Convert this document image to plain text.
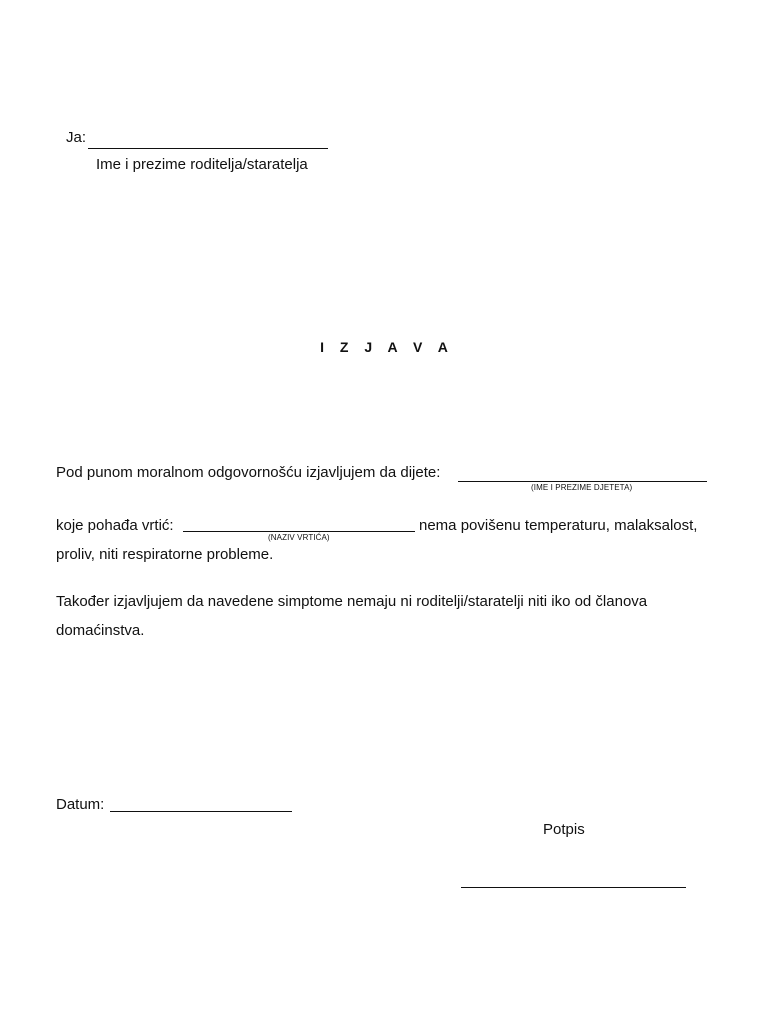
Ja:
Ime i prezime roditelja/staratelja
I Z J A V A
Pod punom moralnom odgovornošću izjavljujem da dijete:
(IME I PREZIME DJETETA)
koje pohađa vrtić:
(NAZIV VRTIĆA)
nema povišenu temperaturu, malaksalost,
proliv, niti respiratorne probleme.
Također izjavljujem da navedene simptome nemaju ni roditelji/staratelji niti iko od članova
domaćinstva.
Datum:
Potpis
